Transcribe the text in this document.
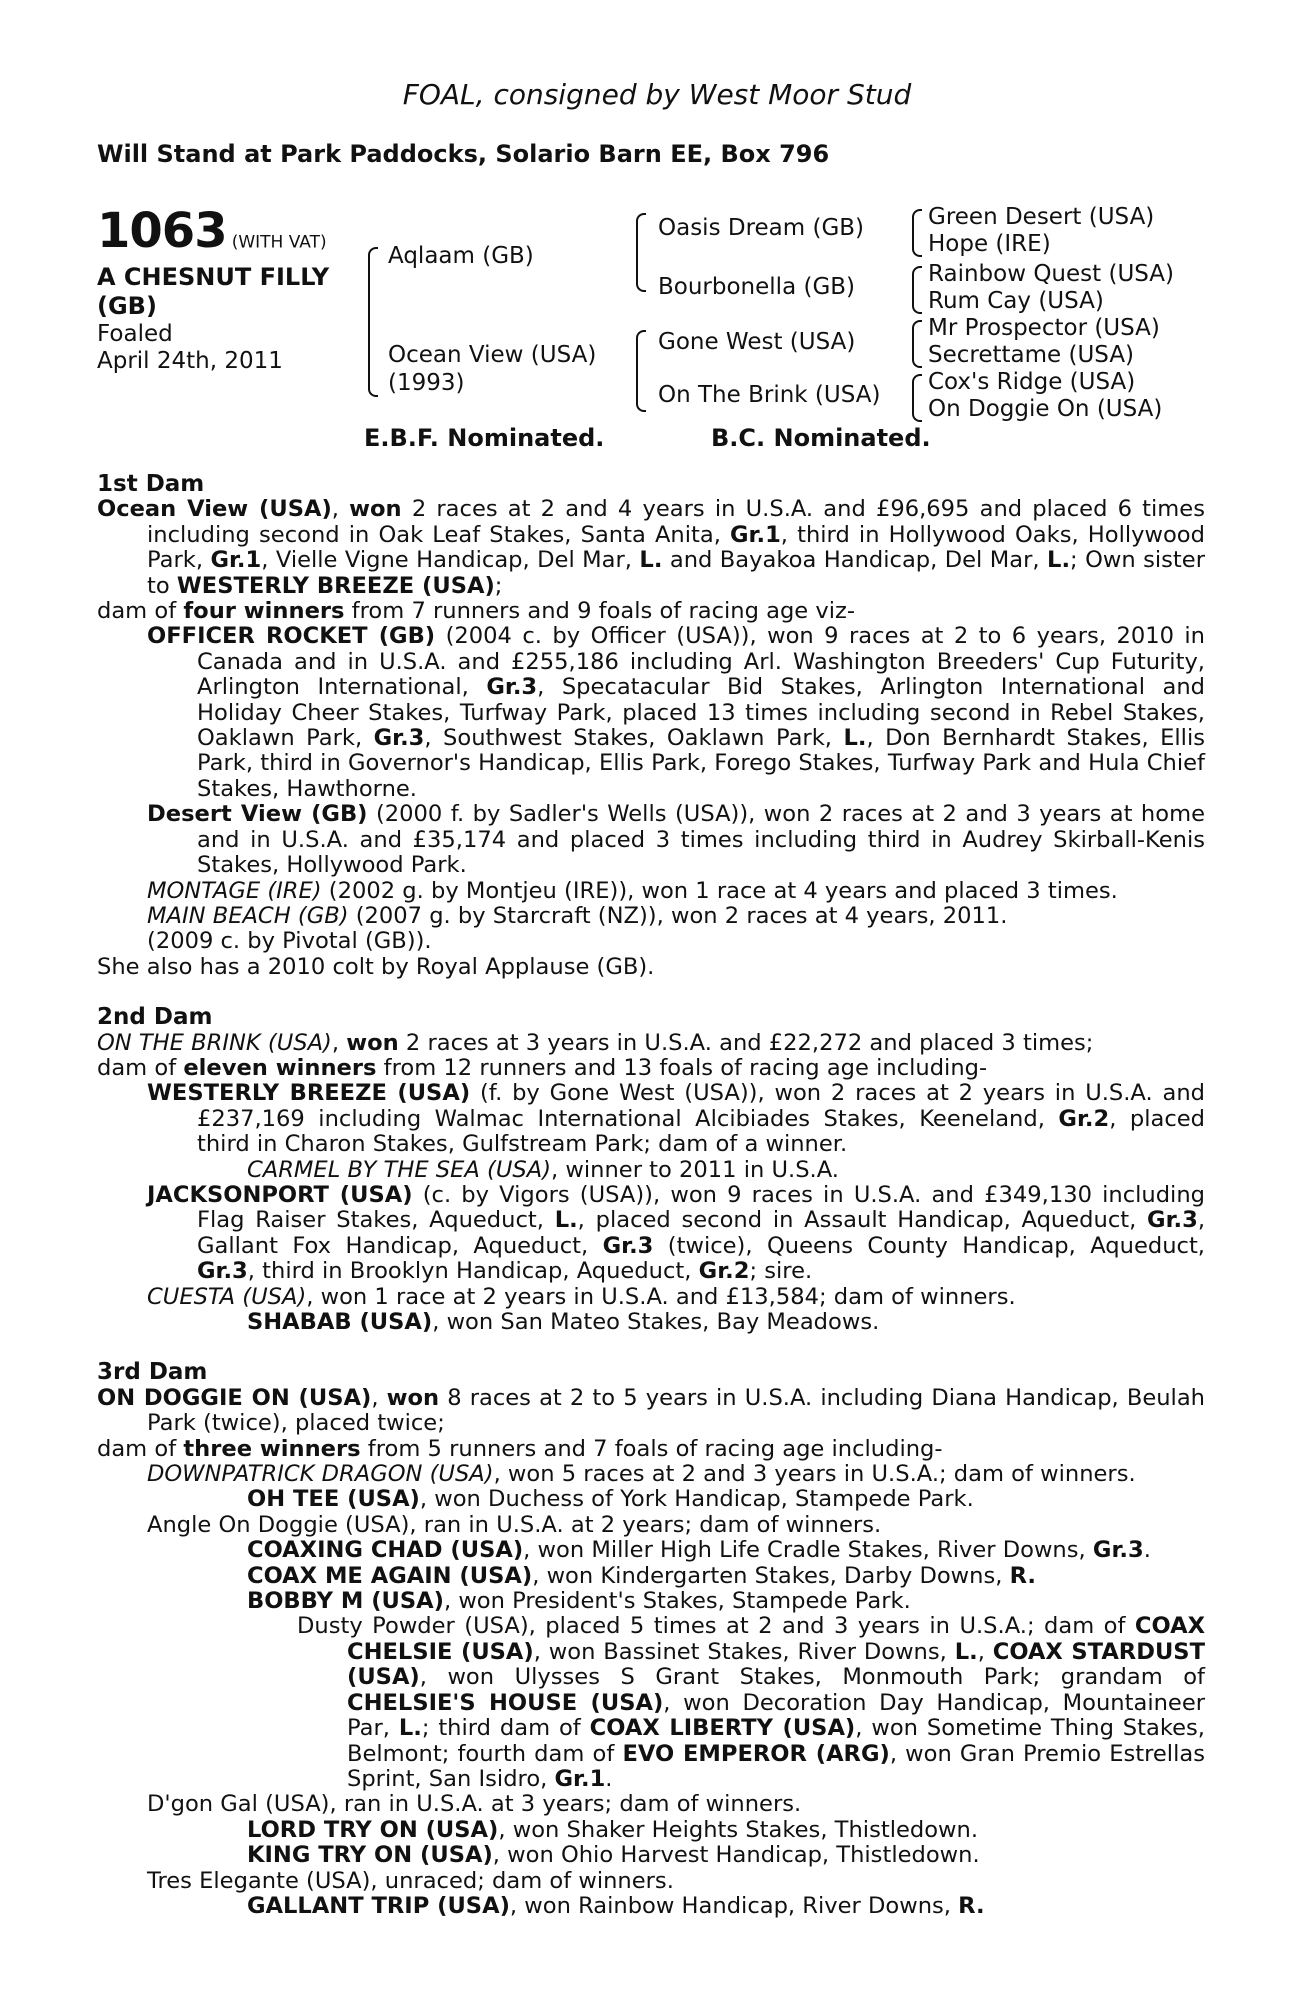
FOAL, consigned by West Moor Stud
Will Stand at Park Paddocks, Solario Barn EE, Box 796
1063 (WITH VAT)
A CHESNUT FILLY
(GB)
Foaled
April 24th, 2011
Aqlaam (GB)
Ocean View (USA)
(1993)
Oasis Dream (GB)
Bourbonella (GB)
Gone West (USA)
On The Brink (USA)
Green Desert (USA)
Hope (IRE)
Rainbow Quest (USA)
Rum Cay (USA)
Mr Prospector (USA)
Secrettame (USA)
Cox's Ridge (USA)
On Doggie On (USA)
E.B.F. Nominated.	B.C. Nominated.

1st Dam

Ocean View (USA), won 2 races at 2 and 4 years in U.S.A. and £96,695 and placed 6 times including second in Oak Leaf Stakes, Santa Anita, Gr.1, third in Hollywood Oaks, Hollywood Park, Gr.1, Vielle Vigne Handicap, Del Mar, L. and Bayakoa Handicap, Del Mar, L.; Own sister to WESTERLY BREEZE (USA);

dam of four winners from 7 runners and 9 foals of racing age viz-

OFFICER ROCKET (GB) (2004 c. by Officer (USA)), won 9 races at 2 to 6 years, 2010 in Canada and in U.S.A. and £255,186 including Arl. Washington Breeders' Cup Futurity, Arlington International, Gr.3, Specatacular Bid Stakes, Arlington International and Holiday Cheer Stakes, Turfway Park, placed 13 times including second in Rebel Stakes, Oaklawn Park, Gr.3, Southwest Stakes, Oaklawn Park, L., Don Bernhardt Stakes, Ellis Park, third in Governor's Handicap, Ellis Park, Forego Stakes, Turfway Park and Hula Chief Stakes, Hawthorne.

Desert View (GB) (2000 f. by Sadler's Wells (USA)), won 2 races at 2 and 3 years at home and in U.S.A. and £35,174 and placed 3 times including third in Audrey Skirball-Kenis Stakes, Hollywood Park.

MONTAGE (IRE) (2002 g. by Montjeu (IRE)), won 1 race at 4 years and placed 3 times.

MAIN BEACH (GB) (2007 g. by Starcraft (NZ)), won 2 races at 4 years, 2011.

(2009 c. by Pivotal (GB)).

She also has a 2010 colt by Royal Applause (GB).

2nd Dam

ON THE BRINK (USA), won 2 races at 3 years in U.S.A. and £22,272 and placed 3 times;

dam of eleven winners from 12 runners and 13 foals of racing age including-

WESTERLY BREEZE (USA) (f. by Gone West (USA)), won 2 races at 2 years in U.S.A. and £237,169 including Walmac International Alcibiades Stakes, Keeneland, Gr.2, placed third in Charon Stakes, Gulfstream Park; dam of a winner.

CARMEL BY THE SEA (USA), winner to 2011 in U.S.A.

JACKSONPORT (USA) (c. by Vigors (USA)), won 9 races in U.S.A. and £349,130 including Flag Raiser Stakes, Aqueduct, L., placed second in Assault Handicap, Aqueduct, Gr.3, Gallant Fox Handicap, Aqueduct, Gr.3 (twice), Queens County Handicap, Aqueduct, Gr.3, third in Brooklyn Handicap, Aqueduct, Gr.2; sire.

CUESTA (USA), won 1 race at 2 years in U.S.A. and £13,584; dam of winners.

SHABAB (USA), won San Mateo Stakes, Bay Meadows.

3rd Dam

ON DOGGIE ON (USA), won 8 races at 2 to 5 years in U.S.A. including Diana Handicap, Beulah Park (twice), placed twice;

dam of three winners from 5 runners and 7 foals of racing age including-

DOWNPATRICK DRAGON (USA), won 5 races at 2 and 3 years in U.S.A.; dam of winners.

OH TEE (USA), won Duchess of York Handicap, Stampede Park.

Angle On Doggie (USA), ran in U.S.A. at 2 years; dam of winners.

COAXING CHAD (USA), won Miller High Life Cradle Stakes, River Downs, Gr.3.

COAX ME AGAIN (USA), won Kindergarten Stakes, Darby Downs, R.

BOBBY M (USA), won President's Stakes, Stampede Park.

Dusty Powder (USA), placed 5 times at 2 and 3 years in U.S.A.; dam of COAX CHELSIE (USA), won Bassinet Stakes, River Downs, L., COAX STARDUST (USA), won Ulysses S Grant Stakes, Monmouth Park; grandam of CHELSIE'S HOUSE (USA), won Decoration Day Handicap, Mountaineer Par, L.; third dam of COAX LIBERTY (USA), won Sometime Thing Stakes, Belmont; fourth dam of EVO EMPEROR (ARG), won Gran Premio Estrellas Sprint, San Isidro, Gr.1.

D'gon Gal (USA), ran in U.S.A. at 3 years; dam of winners.

LORD TRY ON (USA), won Shaker Heights Stakes, Thistledown.

KING TRY ON (USA), won Ohio Harvest Handicap, Thistledown.

Tres Elegante (USA), unraced; dam of winners.

GALLANT TRIP (USA), won Rainbow Handicap, River Downs, R.
